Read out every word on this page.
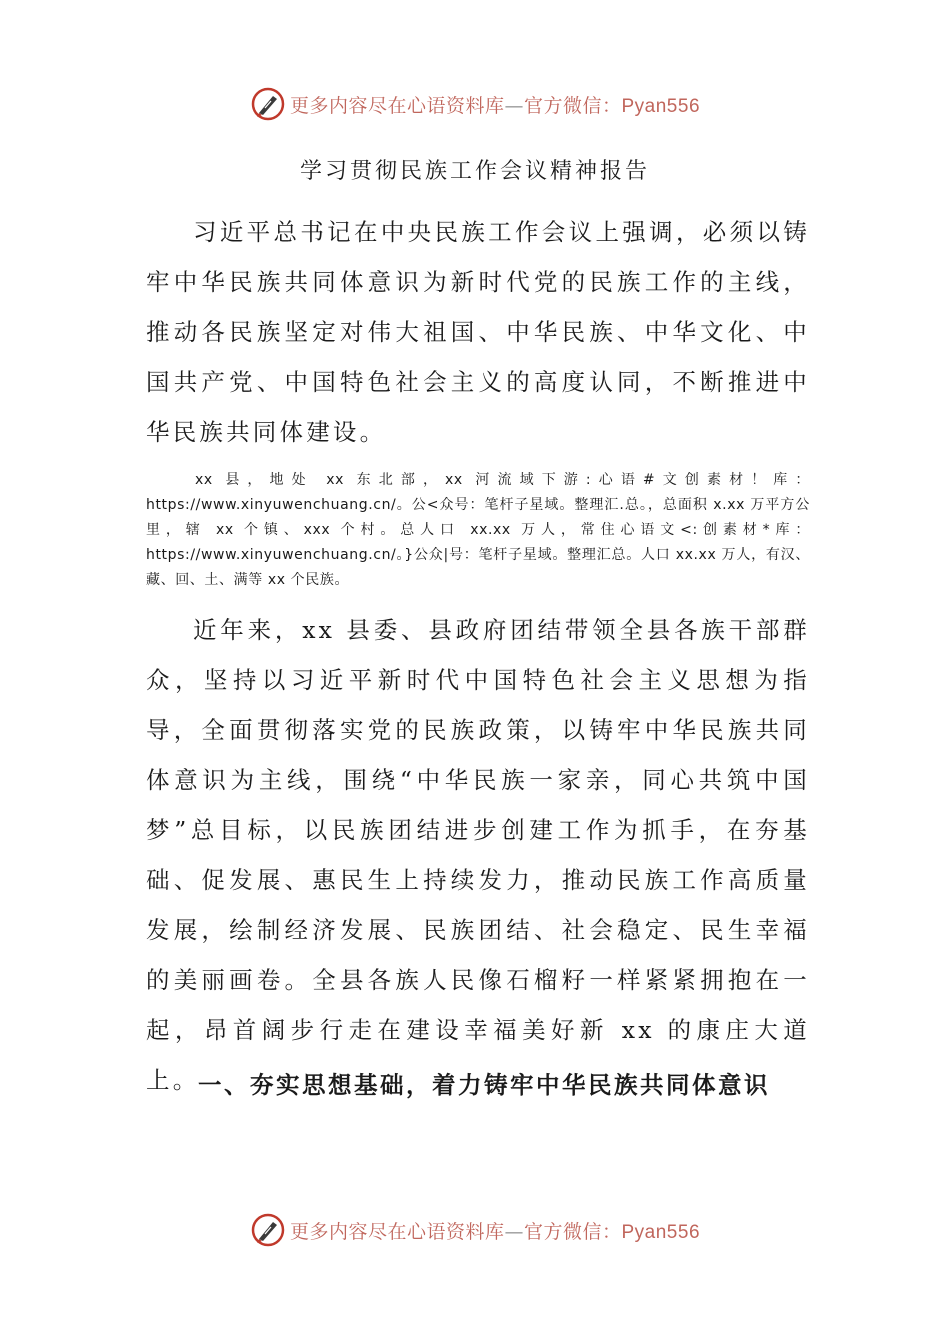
更多内容尽在心语资料库—官方微信：Pyan556
学习贯彻民族工作会议精神报告

习近平总书记在中央民族工作会议上强调，必须以铸牢中华民族共同体意识为新时代党的民族工作的主线，推动各民族坚定对伟大祖国、中华民族、中华文化、中国共产党、中国特色社会主义的高度认同，不断推进中华民族共同体建设。

xx 县，地处 xx 东北部，xx 河流域下游:心语#文创素材！库：https://www.xinyuwenchuang.cn/。公<众号：笔杆子星域。整理汇.总。，总面积 x.xx 万平方公里，辖 xx 个镇、xxx 个村。总人口 xx.xx 万人，常住心语文<:创素材*库：https://www.xinyuwenchuang.cn/。}公众|号：笔杆子星域。整理汇总。人口 xx.xx 万人，有汉、藏、回、土、满等 xx 个民族。

近年来，xx 县委、县政府团结带领全县各族干部群众，坚持以习近平新时代中国特色社会主义思想为指导，全面贯彻落实党的民族政策，以铸牢中华民族共同体意识为主线，围绕“中华民族一家亲，同心共筑中国梦”总目标，以民族团结进步创建工作为抓手，在夯基础、促发展、惠民生上持续发力，推动民族工作高质量发展，绘制经济发展、民族团结、社会稳定、民生幸福的美丽画卷。全县各族人民像石榴籽一样紧紧拥抱在一起，昂首阔步行走在建设幸福美好新 xx 的康庄大道上。

一、夯实思想基础，着力铸牢中华民族共同体意识
更多内容尽在心语资料库—官方微信：Pyan556
